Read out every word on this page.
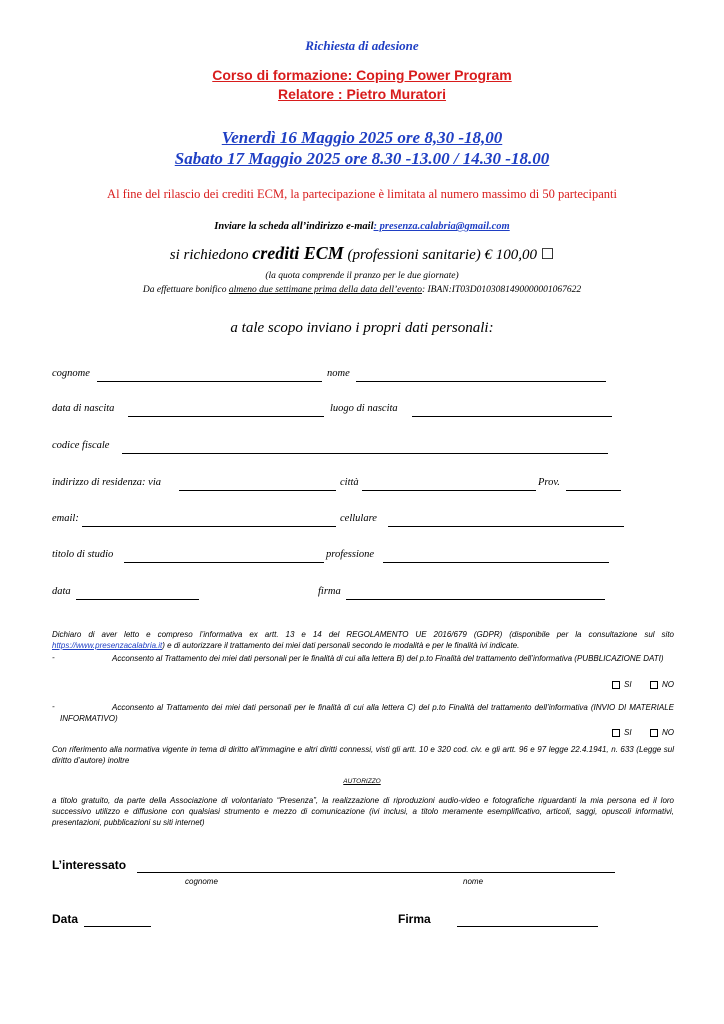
Richiesta di adesione
Corso di formazione: Coping Power Program
Relatore : Pietro Muratori
Venerdì 16 Maggio 2025 ore 8,30 -18,00
Sabato 17 Maggio 2025 ore 8.30 -13.00 / 14.30 -18.00
Al fine del rilascio dei crediti ECM, la partecipazione è limitata al numero massimo di 50 partecipanti
Inviare la scheda all’indirizzo e-mail: presenza.calabria@gmail.com
si richiedono crediti ECM (professioni sanitarie) € 100,00 ☐
(la quota comprende il pranzo per le due giornate)
Da effettuare bonifico almeno due settimane prima della data dell’evento: IBAN:IT03D0103081490000001067622
a tale scopo inviano i propri dati personali:
cognome	nome
data di nascita	luogo di nascita
codice fiscale
indirizzo di residenza: via	città	Prov.
email:	cellulare
titolo di studio	professione
data	firma
Dichiaro di aver letto e compreso l’informativa ex artt. 13 e 14 del REGOLAMENTO UE 2016/679 (GDPR) (disponibile per la consultazione sul sito https://www.presenzacalabria.it) e di autorizzare il trattamento dei miei dati personali secondo le modalità e per le finalità ivi indicate.
-	Acconsento al Trattamento dei miei dati personali per le finalità di cui alla lettera B) del p.to Finalità del trattamento dell’informativa (PUBBLICAZIONE DATI)
SI	NO
-	Acconsento al Trattamento dei miei dati personali per le finalità di cui alla lettera C) del p.to Finalità del trattamento dell’informativa (INVIO DI MATERIALE INFORMATIVO)
SI	NO
Con riferimento alla normativa vigente in tema di diritto all’immagine e altri diritti connessi, visti gli artt. 10 e 320 cod. civ. e gli artt. 96 e 97 legge 22.4.1941, n. 633 (Legge sul diritto d’autore) inoltre
AUTORIZZO
a titolo gratuito, da parte della Associazione di volontariato “Presenza”, la realizzazione di riproduzioni audio-video e fotografiche riguardanti la mia persona ed il loro successivo utilizzo e diffusione con qualsiasi strumento e mezzo di comunicazione (ivi inclusi, a titolo meramente esemplificativo, articoli, saggi, opuscoli informativi, presentazioni, pubblicazioni su siti internet)
L’interessato
cognome	nome
Data	Firma
